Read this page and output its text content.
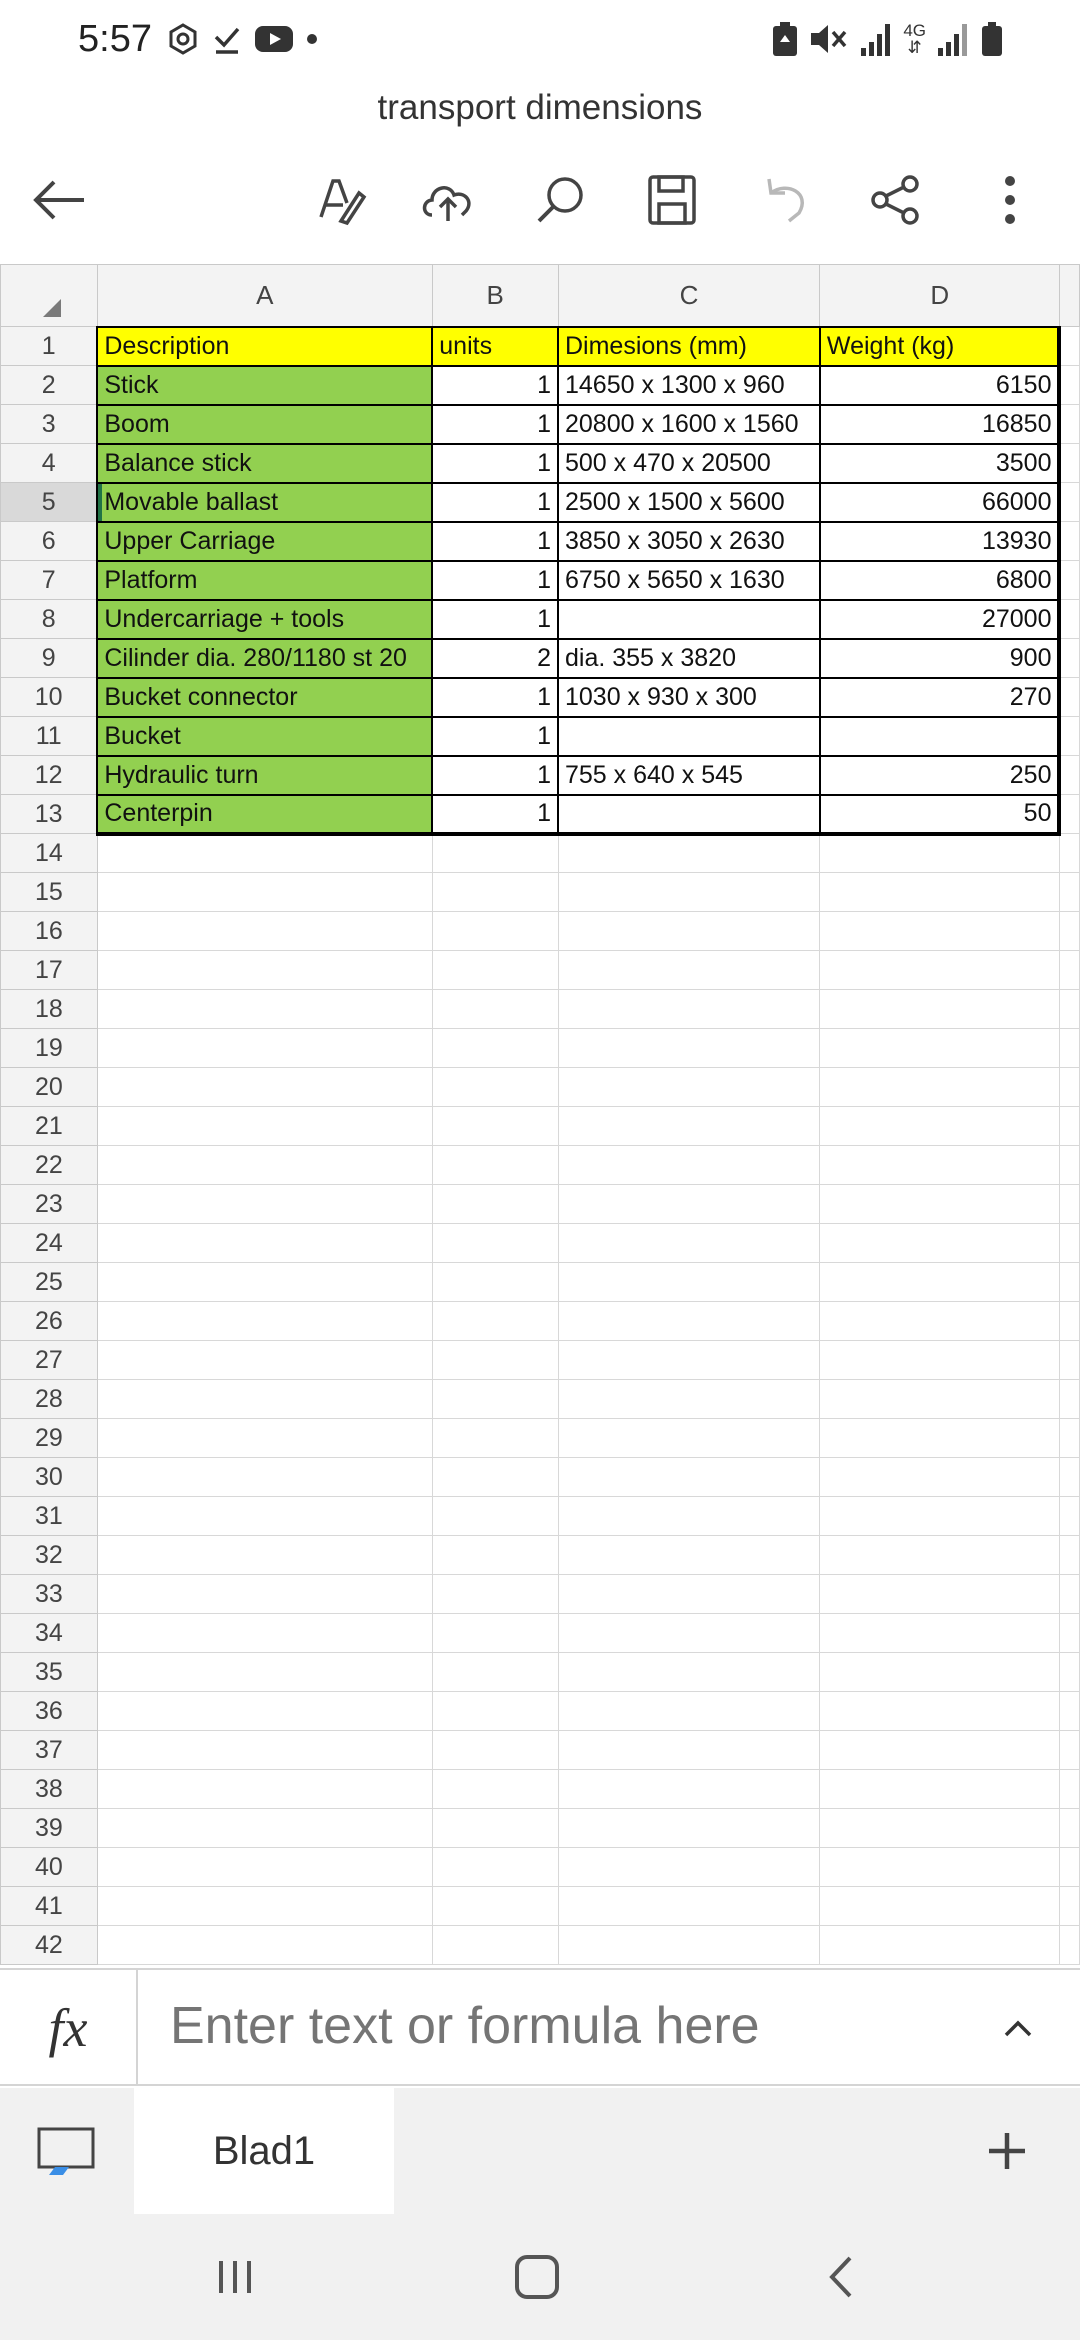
5:57	4G
⇵
transport dimensions
	A	B	C	D	
1	Description	units	Dimesions (mm)	Weight (kg)	
2	Stick	1	14650 x 1300 x 960	6150	
3	Boom	1	20800 x 1600 x 1560	16850	
4	Balance stick	1	500 x 470 x 20500	3500	
5	Movable ballast	1	2500 x 1500 x 5600	66000	
6	Upper Carriage	1	3850 x 3050 x 2630	13930	
7	Platform	1	6750 x 5650 x 1630	6800	
8	Undercarriage + tools	1		27000	
9	Cilinder dia. 280/1180 st 20	2	dia. 355 x 3820	900	
10	Bucket connector	1	1030 x 930 x 300	270	
11	Bucket	1			
12	Hydraulic turn	1	755 x 640 x 545	250	
13	Centerpin	1		50	
14					
15					
16					
17					
18					
19					
20					
21					
22					
23					
24					
25					
26					
27					
28					
29					
30					
31					
32					
33					
34					
35					
36					
37					
38					
39					
40					
41					
42					
fx
Enter text or formula here
Blad1
